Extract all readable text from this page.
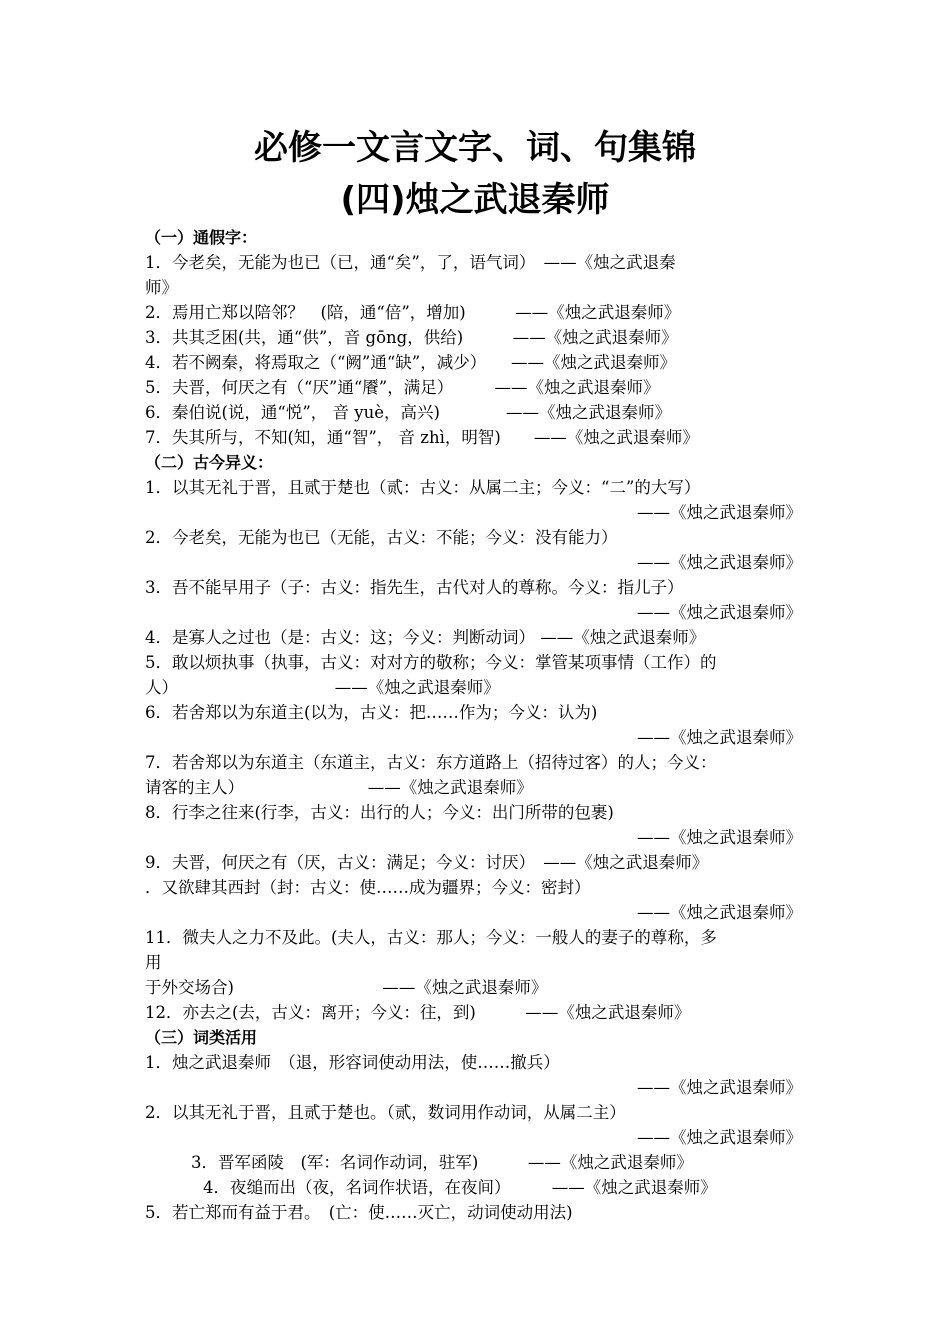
必修一文言文字、词、句集锦
(四)烛之武退秦师
（一）通假字：
1．今老矣，无能为也已（已，通“矣”，了，语气词）　——《烛之武退秦
师》
2．焉用亡郑以陪邻？　(陪，通“倍”，增加)　　　——《烛之武退秦师》
3．共其乏困(共，通“供”，音 gōng，供给)　　　——《烛之武退秦师》
4．若不阙秦，将焉取之（“阙”通“缺”，减少）　　——《烛之武退秦师》
5．夫晋，何厌之有（“厌”通“餍”，满足）　　　——《烛之武退秦师》
6．秦伯说(说，通“悦”， 音 yuè，高兴)　　　　——《烛之武退秦师》
7．失其所与，不知(知，通“智”， 音 zhì，明智)　　——《烛之武退秦师》
（二）古今异义：
1．以其无礼于晋，且贰于楚也（贰：古义：从属二主；今义：“二”的大写）
——《烛之武退秦师》
2．今老矣，无能为也已（无能，古义：不能；今义：没有能力）
——《烛之武退秦师》
3．吾不能早用子（子：古义：指先生，古代对人的尊称。今义：指儿子）
——《烛之武退秦师》
4．是寡人之过也（是：古义：这；今义：判断动词） ——《烛之武退秦师》
5．敢以烦执事（执事，古义：对对方的敬称；今义：掌管某项事情（工作）的
人）　　　　　　　　　　——《烛之武退秦师》
6．若舍郑以为东道主(以为，古义：把……作为；今义：认为)
——《烛之武退秦师》
7．若舍郑以为东道主（东道主，古义：东方道路上（招待过客）的人；今义：
请客的主人）　　　　　　　　——《烛之武退秦师》
8．行李之往来(行李，古义：出行的人；今义：出门所带的包裹)
——《烛之武退秦师》
9．夫晋，何厌之有（厌，古义：满足；今义：讨厌）　——《烛之武退秦师》
．又欲肆其西封（封：古义：使……成为疆界；今义：密封）
——《烛之武退秦师》
11．微夫人之力不及此。(夫人，古义：那人；今义：一般人的妻子的尊称，多
用
于外交场合)　　　　　　　　　——《烛之武退秦师》
12．亦去之(去，古义：离开；今义：往，到)　　　——《烛之武退秦师》
（三）词类活用
1．烛之武退秦师　（退，形容词使动用法，使……撤兵）
——《烛之武退秦师》
2．以其无礼于晋，且贰于楚也。（贰，数词用作动词，从属二主）
——《烛之武退秦师》
3．晋军函陵　(军：名词作动词，驻军)　　　——《烛之武退秦师》
4．夜缒而出（夜，名词作状语，在夜间）　　　——《烛之武退秦师》
5．若亡郑而有益于君。　(亡：使……灭亡，动词使动用法)
